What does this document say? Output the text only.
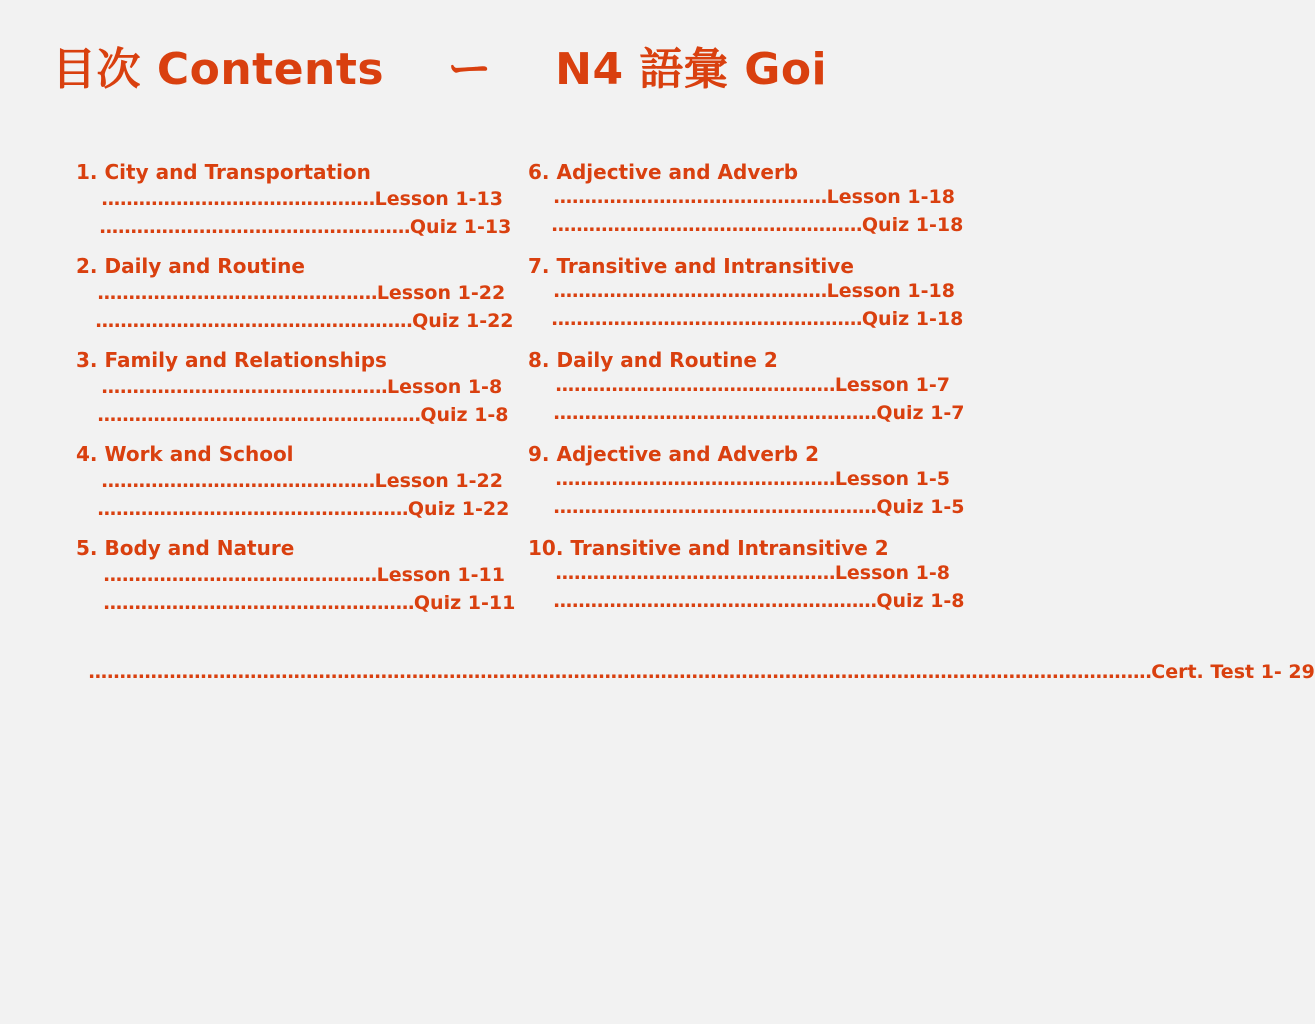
目次 Contents    ー    N4 語彙 Goi
1. City and Transportation
............................................Lesson 1-13
..................................................Quiz 1-13
2. Daily and Routine
.............................................Lesson 1-22
...................................................Quiz 1-22
3. Family and Relationships
..............................................Lesson 1-8
....................................................Quiz 1-8
4. Work and School
............................................Lesson 1-22
..................................................Quiz 1-22
5. Body and Nature
............................................Lesson 1-11
..................................................Quiz 1-11
6. Adjective and Adverb
............................................Lesson 1-18
..................................................Quiz 1-18
7. Transitive and Intransitive
............................................Lesson 1-18
..................................................Quiz 1-18
8. Daily and Routine 2
.............................................Lesson 1-7
....................................................Quiz 1-7
9. Adjective and Adverb 2
.............................................Lesson 1-5
....................................................Quiz 1-5
10. Transitive and Intransitive 2
.............................................Lesson 1-8
....................................................Quiz 1-8
...........................................................................................................................................................................Cert. Test 1- 29
